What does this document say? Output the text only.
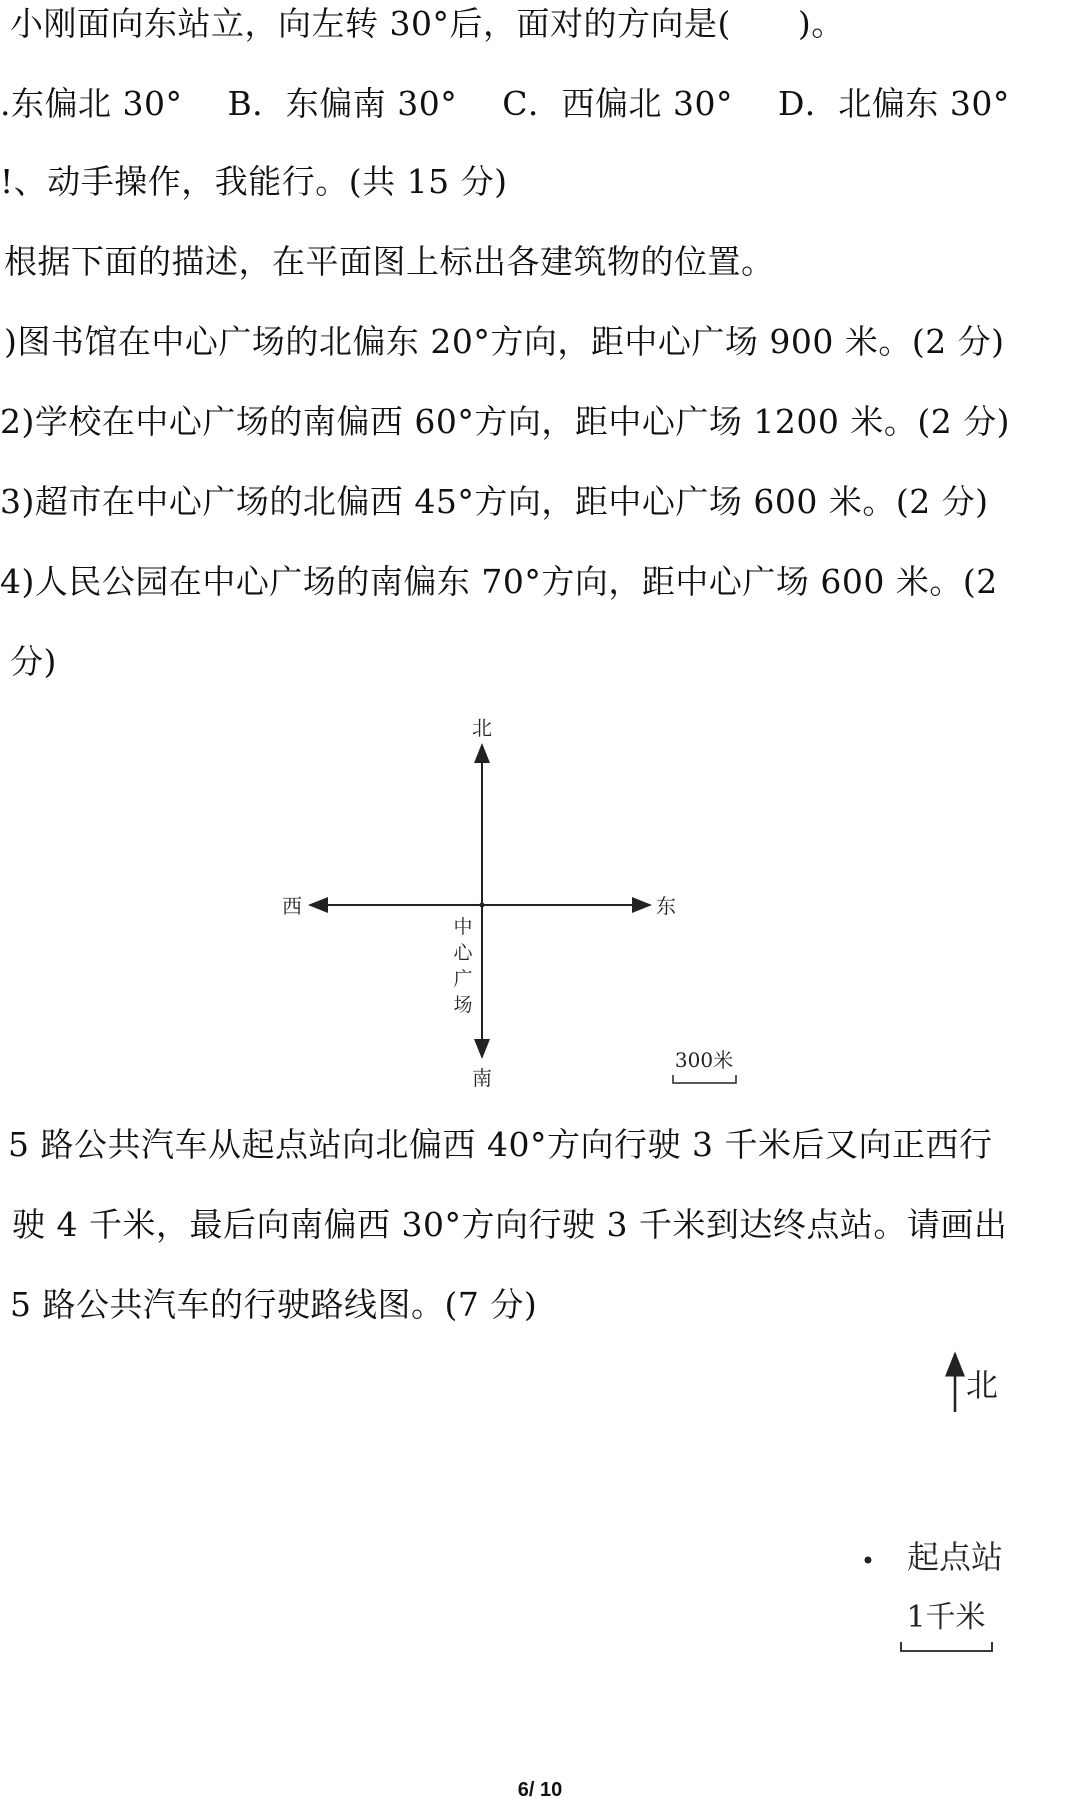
小刚面向东站立，向左转 30°后，面对的方向是(　　)。
.东偏北 30° B．东偏南 30° C．西偏北 30° D．北偏东 30°
!、动手操作，我能行。(共 15 分)
根据下面的描述，在平面图上标出各建筑物的位置。
)图书馆在中心广场的北偏东 20°方向，距中心广场 900 米。(2 分)
2)学校在中心广场的南偏西 60°方向，距中心广场 1200 米。(2 分)
3)超市在中心广场的北偏西 45°方向，距中心广场 600 米。(2 分)
4)人民公园在中心广场的南偏东 70°方向，距中心广场 600 米。(2
分)
北
南
西	东
中
心
广
场
300米
5 路公共汽车从起点站向北偏西 40°方向行驶 3 千米后又向正西行
驶 4 千米，最后向南偏西 30°方向行驶 3 千米到达终点站。请画出
5 路公共汽车的行驶路线图。(7 分)
北
• 起点站
1千米
6/ 10
